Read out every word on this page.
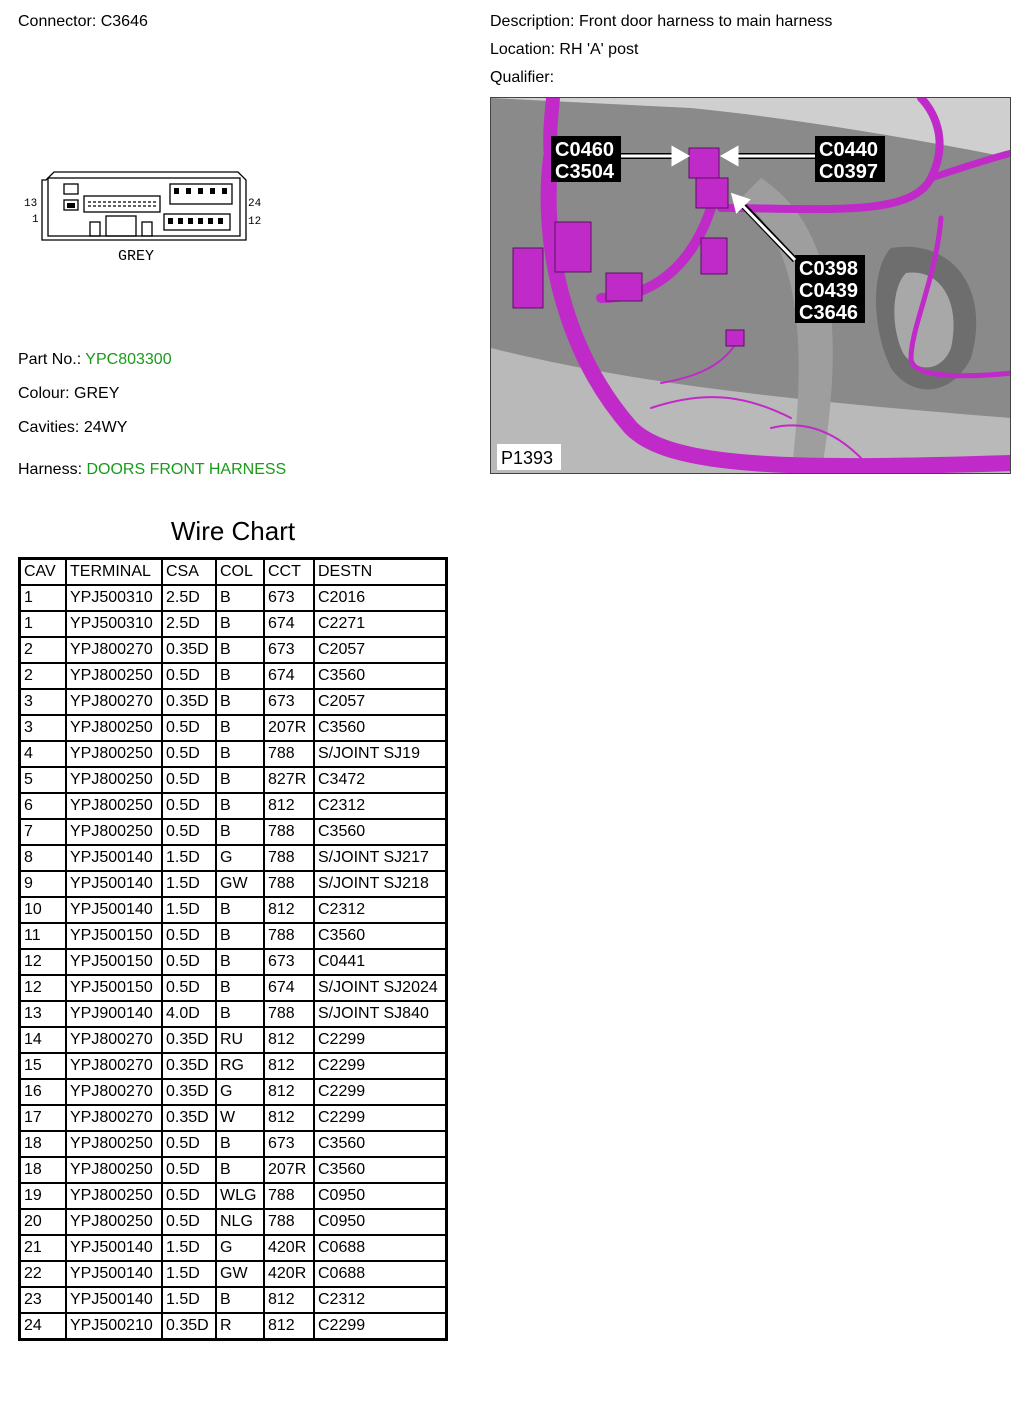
Connector: C3646	Description: Front door harness to main harness
Location: RH 'A' post
Qualifier:
13
1
24
12
GREY
Part No.: YPC803300
Colour: GREY
Cavities: 24WY
Harness: DOORS FRONT HARNESS
C0460
C3504
C0440
C0397
C0398
C0439
C3646
P1393
Wire Chart
CAV	TERMINAL	CSA	COL	CCT	DESTN
1	YPJ500310	2.5D	B	673	C2016
1	YPJ500310	2.5D	B	674	C2271
2	YPJ800270	0.35D	B	673	C2057
2	YPJ800250	0.5D	B	674	C3560
3	YPJ800270	0.35D	B	673	C2057
3	YPJ800250	0.5D	B	207R	C3560
4	YPJ800250	0.5D	B	788	S/JOINT SJ19
5	YPJ800250	0.5D	B	827R	C3472
6	YPJ800250	0.5D	B	812	C2312
7	YPJ800250	0.5D	B	788	C3560
8	YPJ500140	1.5D	G	788	S/JOINT SJ217
9	YPJ500140	1.5D	GW	788	S/JOINT SJ218
10	YPJ500140	1.5D	B	812	C2312
11	YPJ500150	0.5D	B	788	C3560
12	YPJ500150	0.5D	B	673	C0441
12	YPJ500150	0.5D	B	674	S/JOINT SJ2024
13	YPJ900140	4.0D	B	788	S/JOINT SJ840
14	YPJ800270	0.35D	RU	812	C2299
15	YPJ800270	0.35D	RG	812	C2299
16	YPJ800270	0.35D	G	812	C2299
17	YPJ800270	0.35D	W	812	C2299
18	YPJ800250	0.5D	B	673	C3560
18	YPJ800250	0.5D	B	207R	C3560
19	YPJ800250	0.5D	WLG	788	C0950
20	YPJ800250	0.5D	NLG	788	C0950
21	YPJ500140	1.5D	G	420R	C0688
22	YPJ500140	1.5D	GW	420R	C0688
23	YPJ500140	1.5D	B	812	C2312
24	YPJ500210	0.35D	R	812	C2299
